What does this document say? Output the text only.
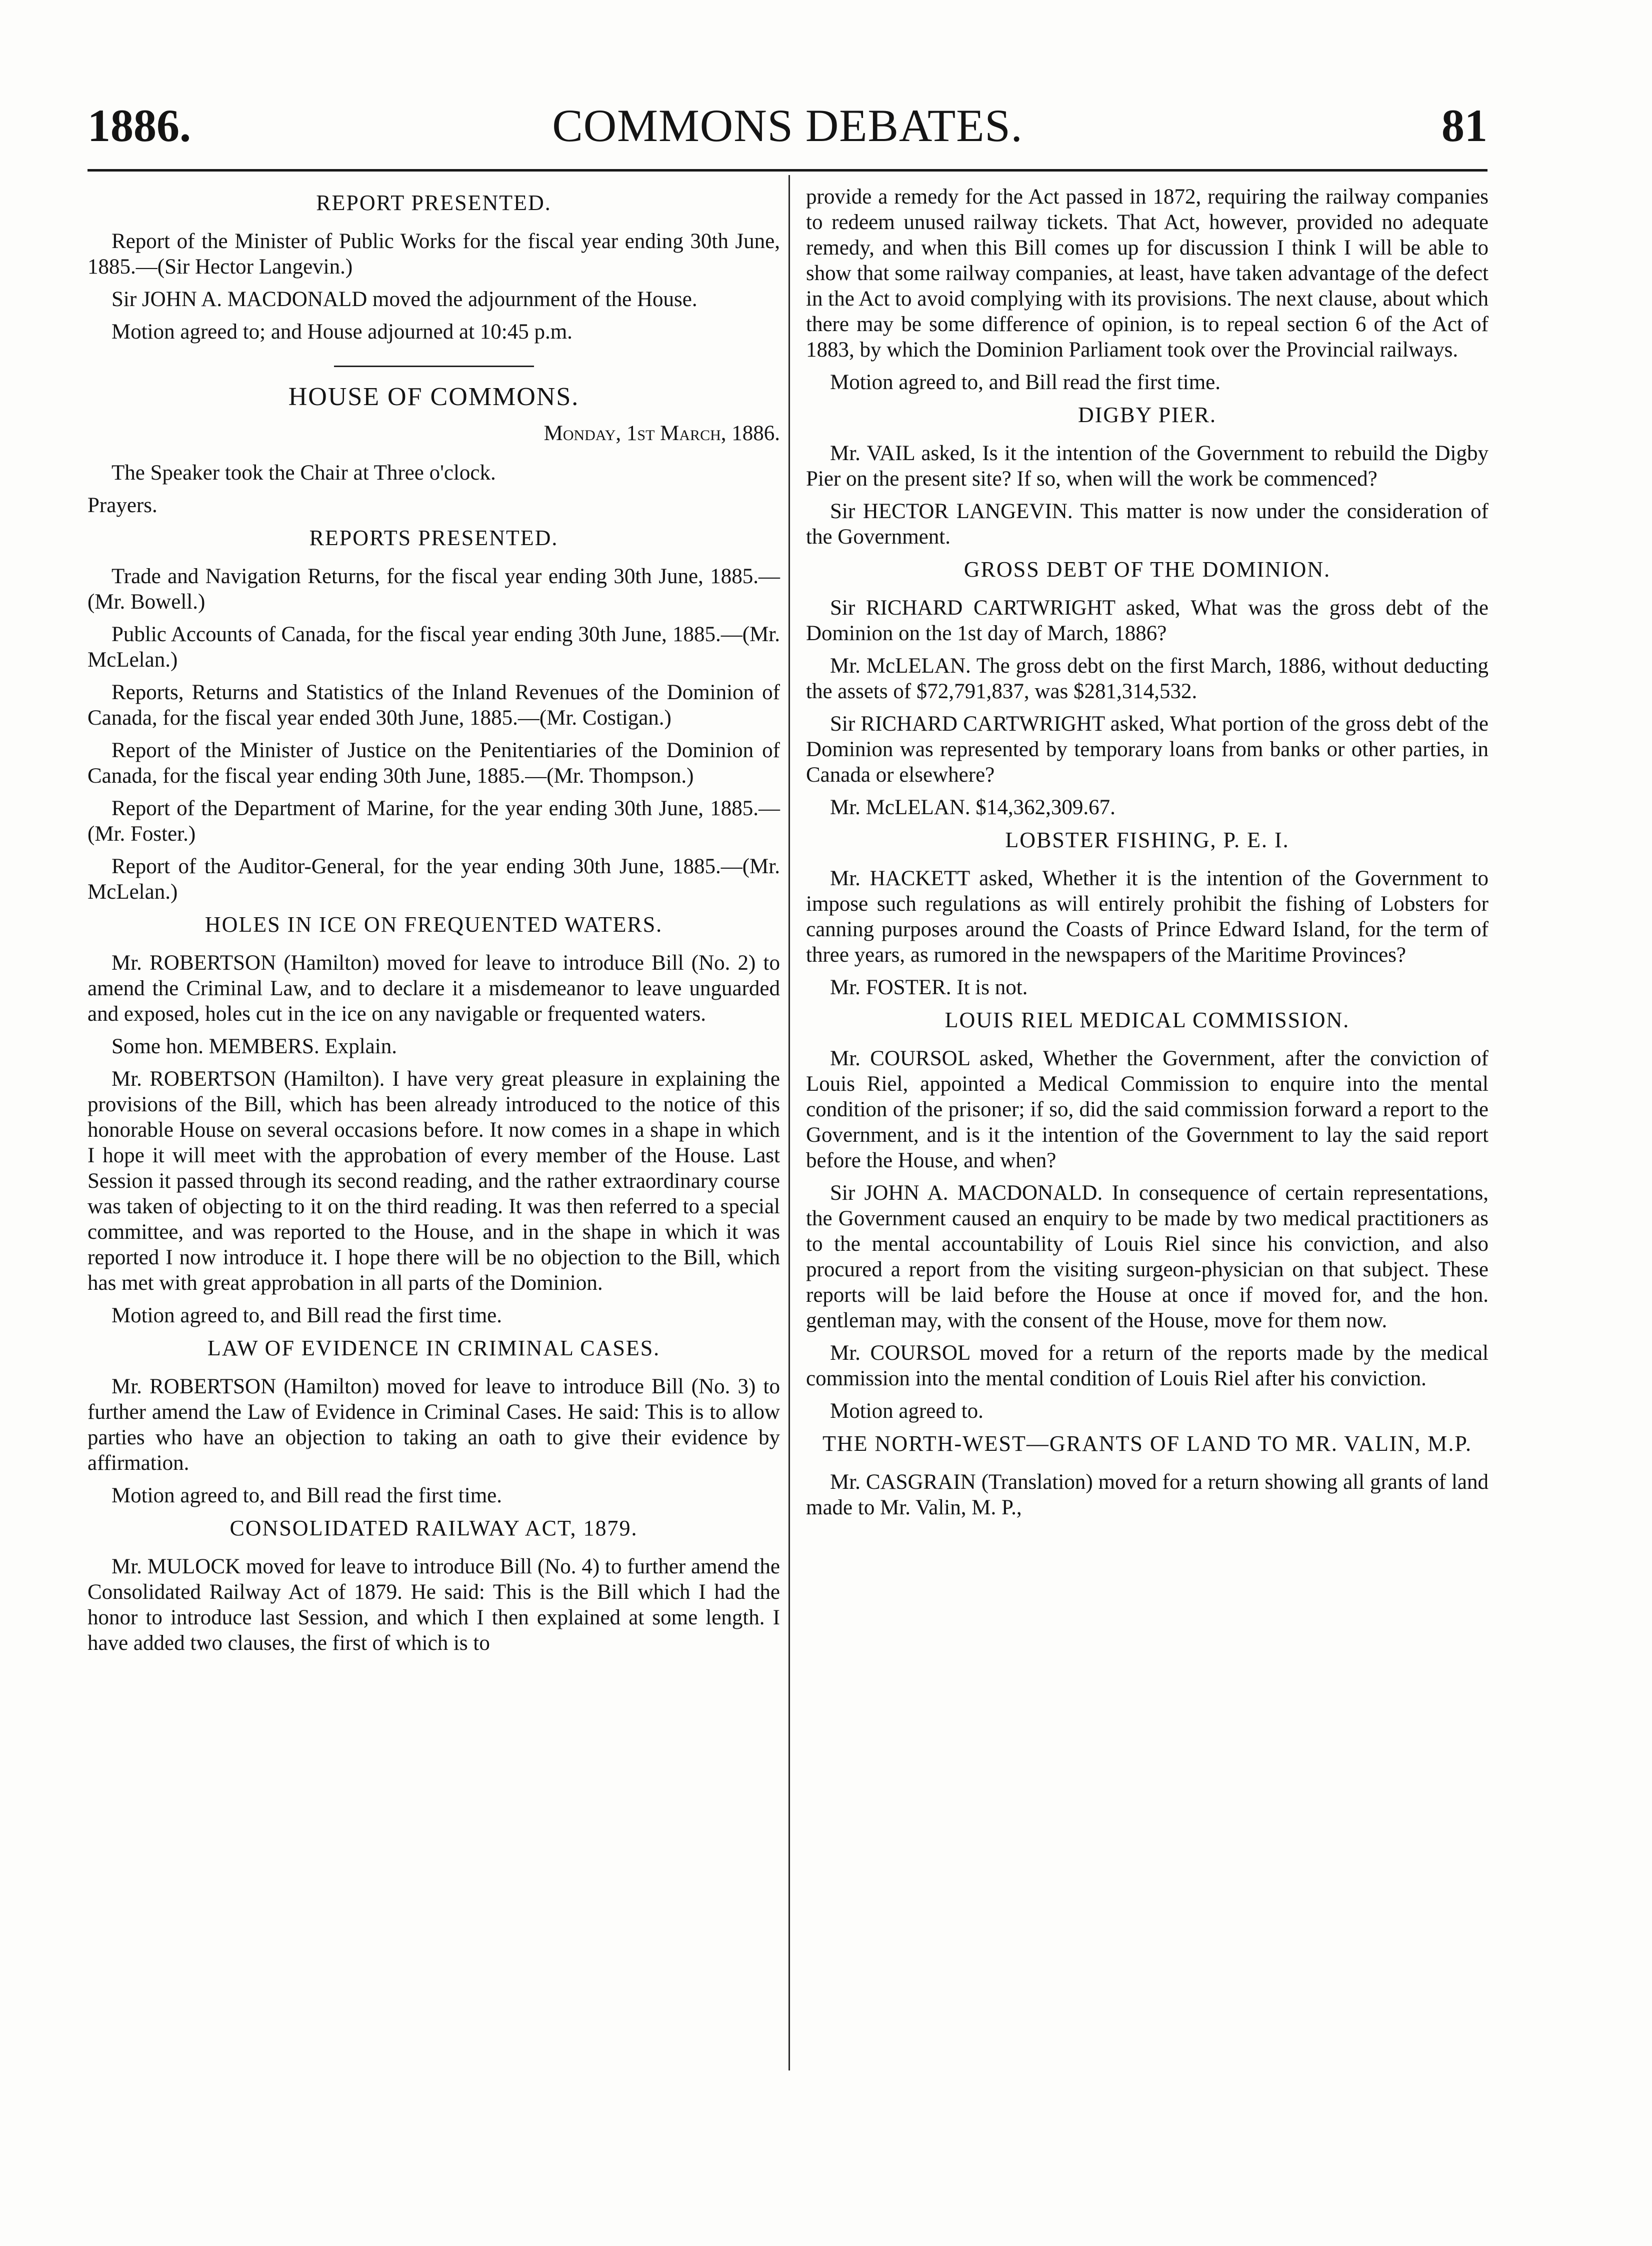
1886.	COMMONS DEBATES.	81
REPORT PRESENTED.

Report of the Minister of Public Works for the fiscal year ending 30th June, 1885.—(Sir Hector Langevin.)

Sir JOHN A. MACDONALD moved the adjournment of the House.

Motion agreed to; and House adjourned at 10:45 p.m.

HOUSE OF COMMONS.
Monday, 1st March, 1886.

The Speaker took the Chair at Three o'clock.

Prayers.

REPORTS PRESENTED.

Trade and Navigation Returns, for the fiscal year ending 30th June, 1885.—(Mr. Bowell.)

Public Accounts of Canada, for the fiscal year ending 30th June, 1885.—(Mr. McLelan.)

Reports, Returns and Statistics of the Inland Revenues of the Dominion of Canada, for the fiscal year ended 30th June, 1885.—(Mr. Costigan.)

Report of the Minister of Justice on the Penitentiaries of the Dominion of Canada, for the fiscal year ending 30th June, 1885.—(Mr. Thompson.)

Report of the Department of Marine, for the year ending 30th June, 1885.—(Mr. Foster.)

Report of the Auditor-General, for the year ending 30th June, 1885.—(Mr. McLelan.)

HOLES IN ICE ON FREQUENTED WATERS.

Mr. ROBERTSON (Hamilton) moved for leave to introduce Bill (No. 2) to amend the Criminal Law, and to declare it a misdemeanor to leave unguarded and exposed, holes cut in the ice on any navigable or frequented waters.

Some hon. MEMBERS. Explain.

Mr. ROBERTSON (Hamilton). I have very great pleasure in explaining the provisions of the Bill, which has been already introduced to the notice of this honorable House on several occasions before. It now comes in a shape in which I hope it will meet with the approbation of every member of the House. Last Session it passed through its second reading, and the rather extraordinary course was taken of objecting to it on the third reading. It was then referred to a special committee, and was reported to the House, and in the shape in which it was reported I now introduce it. I hope there will be no objection to the Bill, which has met with great approbation in all parts of the Dominion.

Motion agreed to, and Bill read the first time.

LAW OF EVIDENCE IN CRIMINAL CASES.

Mr. ROBERTSON (Hamilton) moved for leave to introduce Bill (No. 3) to further amend the Law of Evidence in Criminal Cases. He said: This is to allow parties who have an objection to taking an oath to give their evidence by affirmation.

Motion agreed to, and Bill read the first time.

CONSOLIDATED RAILWAY ACT, 1879.

Mr. MULOCK moved for leave to introduce Bill (No. 4) to further amend the Consolidated Railway Act of 1879. He said: This is the Bill which I had the honor to introduce last Session, and which I then explained at some length. I have added two clauses, the first of which is to

provide a remedy for the Act passed in 1872, requiring the railway companies to redeem unused railway tickets. That Act, however, provided no adequate remedy, and when this Bill comes up for discussion I think I will be able to show that some railway companies, at least, have taken advantage of the defect in the Act to avoid complying with its provisions. The next clause, about which there may be some difference of opinion, is to repeal section 6 of the Act of 1883, by which the Dominion Parliament took over the Provincial railways.

Motion agreed to, and Bill read the first time.

DIGBY PIER.

Mr. VAIL asked, Is it the intention of the Government to rebuild the Digby Pier on the present site? If so, when will the work be commenced?

Sir HECTOR LANGEVIN. This matter is now under the consideration of the Government.

GROSS DEBT OF THE DOMINION.

Sir RICHARD CARTWRIGHT asked, What was the gross debt of the Dominion on the 1st day of March, 1886?

Mr. McLELAN. The gross debt on the first March, 1886, without deducting the assets of $72,791,837, was $281,314,532.

Sir RICHARD CARTWRIGHT asked, What portion of the gross debt of the Dominion was represented by temporary loans from banks or other parties, in Canada or elsewhere?

Mr. McLELAN. $14,362,309.67.

LOBSTER FISHING, P. E. I.

Mr. HACKETT asked, Whether it is the intention of the Government to impose such regulations as will entirely prohibit the fishing of Lobsters for canning purposes around the Coasts of Prince Edward Island, for the term of three years, as rumored in the newspapers of the Maritime Provinces?

Mr. FOSTER. It is not.

LOUIS RIEL MEDICAL COMMISSION.

Mr. COURSOL asked, Whether the Government, after the conviction of Louis Riel, appointed a Medical Commission to enquire into the mental condition of the prisoner; if so, did the said commission forward a report to the Government, and is it the intention of the Government to lay the said report before the House, and when?

Sir JOHN A. MACDONALD. In consequence of certain representations, the Government caused an enquiry to be made by two medical practitioners as to the mental accountability of Louis Riel since his conviction, and also procured a report from the visiting surgeon-physician on that subject. These reports will be laid before the House at once if moved for, and the hon. gentleman may, with the consent of the House, move for them now.

Mr. COURSOL moved for a return of the reports made by the medical commission into the mental condition of Louis Riel after his conviction.

Motion agreed to.

THE NORTH-WEST—GRANTS OF LAND TO MR. VALIN, M.P.

Mr. CASGRAIN (Translation) moved for a return showing all grants of land made to Mr. Valin, M. P.,
